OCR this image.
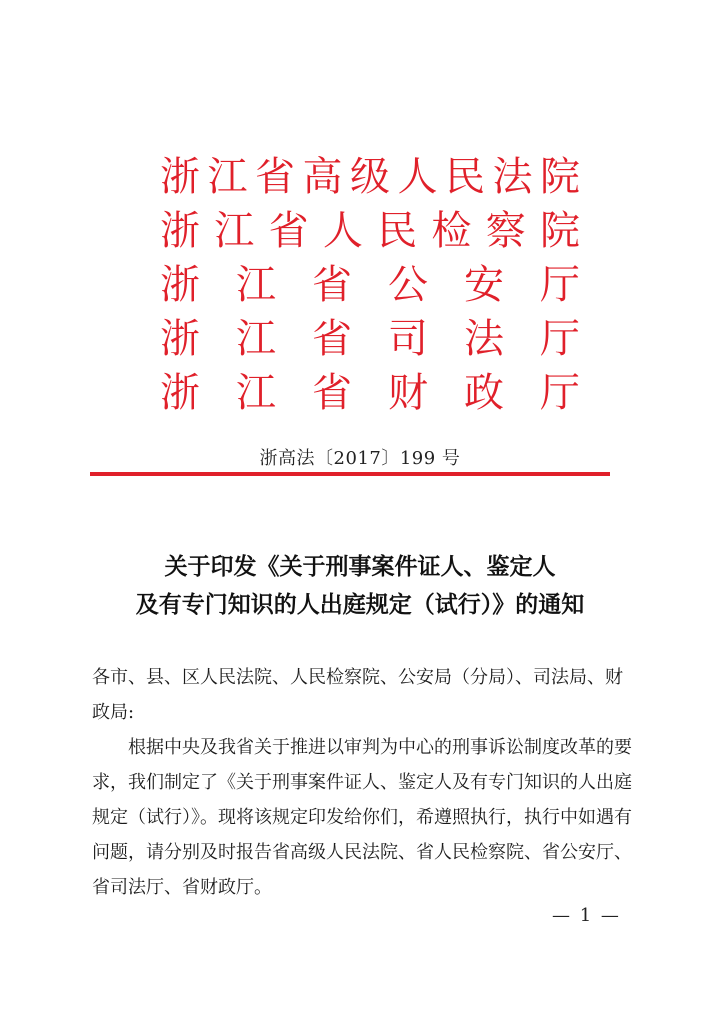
浙 江 省 高 级 人 民 法 院
浙 江 省 人 民 检 察 院
浙 江 省 公 安 厅
浙 江 省 司 法 厅
浙 江 省 财 政 厅
浙高法〔2017〕199 号
关于印发《关于刑事案件证人、鉴定人
及有专门知识的人出庭规定（试行）》的通知

各市、县、区人民法院、人民检察院、公安局（分局）、司法局、财政局:

根据中央及我省关于推进以审判为中心的刑事诉讼制度改革的要求，我们制定了《关于刑事案件证人、鉴定人及有专门知识的人出庭规定（试行）》。现将该规定印发给你们，希遵照执行，执行中如遇有问题，请分别及时报告省高级人民法院、省人民检察院、省公安厅、省司法厅、省财政厅。

— 1 —
